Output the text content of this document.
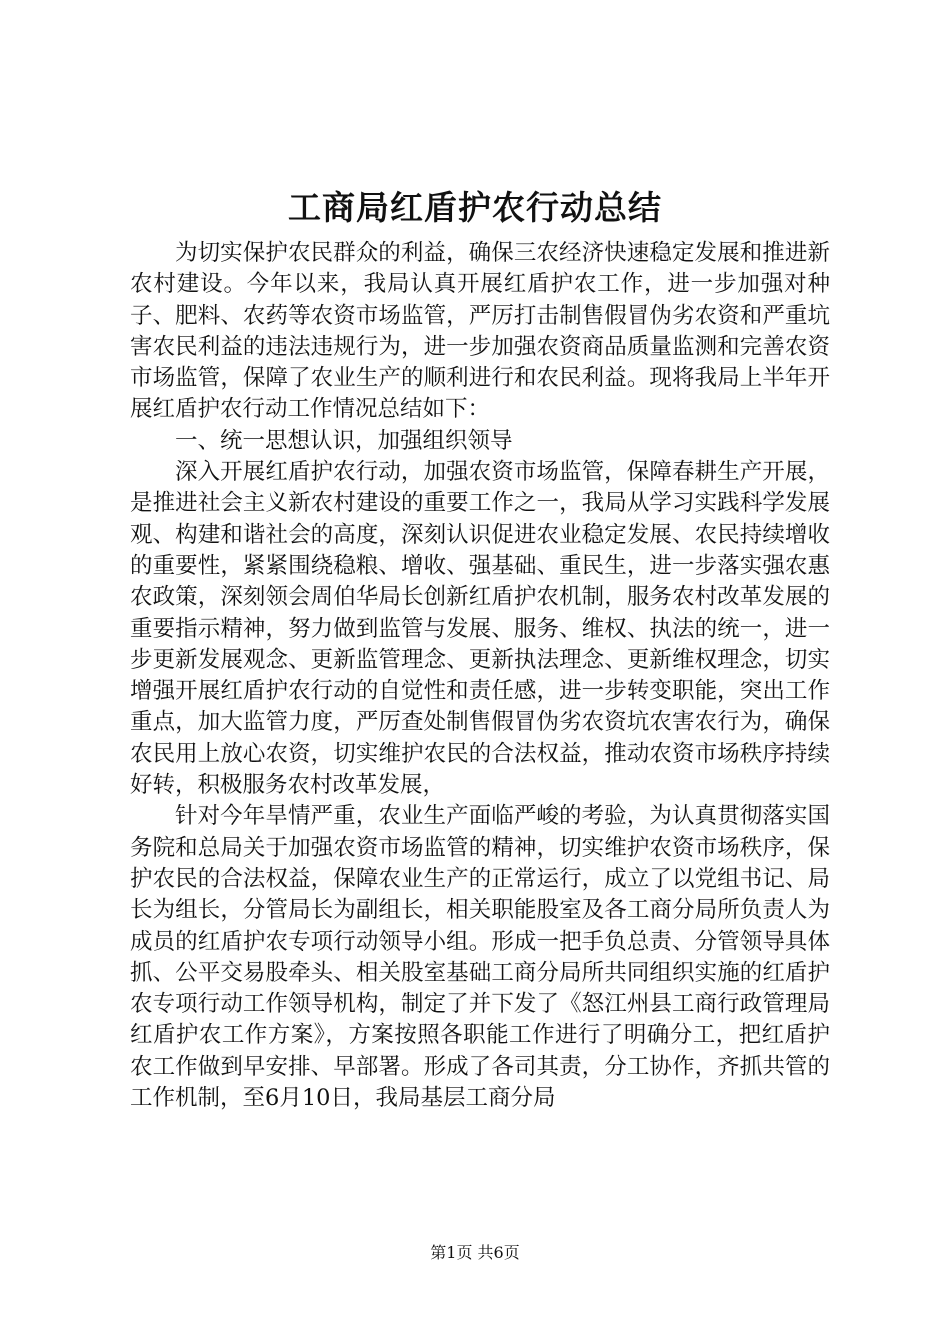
工商局红盾护农行动总结

为切实保护农民群众的利益，确保三农经济快速稳定发展和推进新农村建设。今年以来，我局认真开展红盾护农工作，进一步加强对种子、肥料、农药等农资市场监管，严厉打击制售假冒伪劣农资和严重坑害农民利益的违法违规行为，进一步加强农资商品质量监测和完善农资市场监管，保障了农业生产的顺利进行和农民利益。现将我局上半年开展红盾护农行动工作情况总结如下：

一、统一思想认识，加强组织领导

深入开展红盾护农行动，加强农资市场监管，保障春耕生产开展，是推进社会主义新农村建设的重要工作之一，我局从学习实践科学发展观、构建和谐社会的高度，深刻认识促进农业稳定发展、农民持续增收的重要性，紧紧围绕稳粮、增收、强基础、重民生，进一步落实强农惠农政策，深刻领会周伯华局长创新红盾护农机制，服务农村改革发展的重要指示精神，努力做到监管与发展、服务、维权、执法的统一，进一步更新发展观念、更新监管理念、更新执法理念、更新维权理念，切实增强开展红盾护农行动的自觉性和责任感，进一步转变职能，突出工作重点，加大监管力度，严厉查处制售假冒伪劣农资坑农害农行为，确保农民用上放心农资，切实维护农民的合法权益，推动农资市场秩序持续好转，积极服务农村改革发展，

针对今年旱情严重，农业生产面临严峻的考验，为认真贯彻落实国务院和总局关于加强农资市场监管的精神，切实维护农资市场秩序，保护农民的合法权益，保障农业生产的正常运行，成立了以党组书记、局长为组长，分管局长为副组长，相关职能股室及各工商分局所负责人为成员的红盾护农专项行动领导小组。形成一把手负总责、分管领导具体抓、公平交易股牵头、相关股室基础工商分局所共同组织实施的红盾护农专项行动工作领导机构，制定了并下发了《怒江州县工商行政管理局红盾护农工作方案》，方案按照各职能工作进行了明确分工，把红盾护农工作做到早安排、早部署。形成了各司其责，分工协作，齐抓共管的工作机制，至6月10日，我局基层工商分局

第1页 共6页
